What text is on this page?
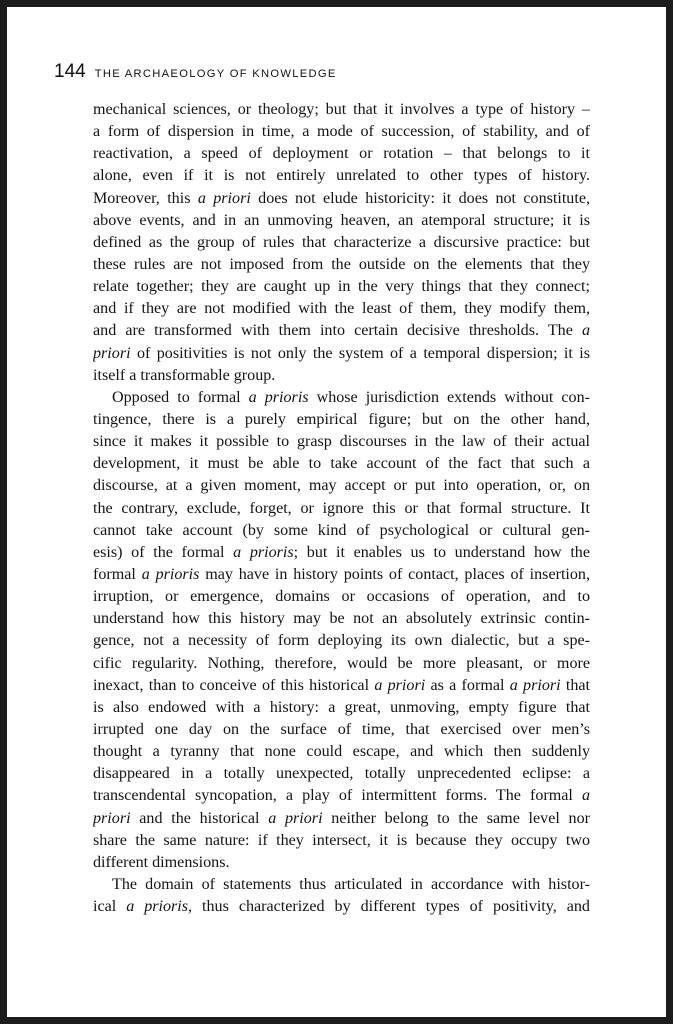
144 THE ARCHAEOLOGY OF KNOWLEDGE
mechanical sciences, or theology; but that it involves a type of history –
a form of dispersion in time, a mode of succession, of stability, and of
reactivation, a speed of deployment or rotation – that belongs to it
alone, even if it is not entirely unrelated to other types of history.
Moreover, this a priori does not elude historicity: it does not constitute,
above events, and in an unmoving heaven, an atemporal structure; it is
defined as the group of rules that characterize a discursive practice: but
these rules are not imposed from the outside on the elements that they
relate together; they are caught up in the very things that they connect;
and if they are not modified with the least of them, they modify them,
and are transformed with them into certain decisive thresholds. The a
priori of positivities is not only the system of a temporal dispersion; it is
itself a transformable group.
Opposed to formal a prioris whose jurisdiction extends without con-
tingence, there is a purely empirical figure; but on the other hand,
since it makes it possible to grasp discourses in the law of their actual
development, it must be able to take account of the fact that such a
discourse, at a given moment, may accept or put into operation, or, on
the contrary, exclude, forget, or ignore this or that formal structure. It
cannot take account (by some kind of psychological or cultural gen-
esis) of the formal a prioris; but it enables us to understand how the
formal a prioris may have in history points of contact, places of insertion,
irruption, or emergence, domains or occasions of operation, and to
understand how this history may be not an absolutely extrinsic contin-
gence, not a necessity of form deploying its own dialectic, but a spe-
cific regularity. Nothing, therefore, would be more pleasant, or more
inexact, than to conceive of this historical a priori as a formal a priori that
is also endowed with a history: a great, unmoving, empty figure that
irrupted one day on the surface of time, that exercised over men’s
thought a tyranny that none could escape, and which then suddenly
disappeared in a totally unexpected, totally unprecedented eclipse: a
transcendental syncopation, a play of intermittent forms. The formal a
priori and the historical a priori neither belong to the same level nor
share the same nature: if they intersect, it is because they occupy two
different dimensions.
The domain of statements thus articulated in accordance with histor-
ical a prioris, thus characterized by different types of positivity, and
